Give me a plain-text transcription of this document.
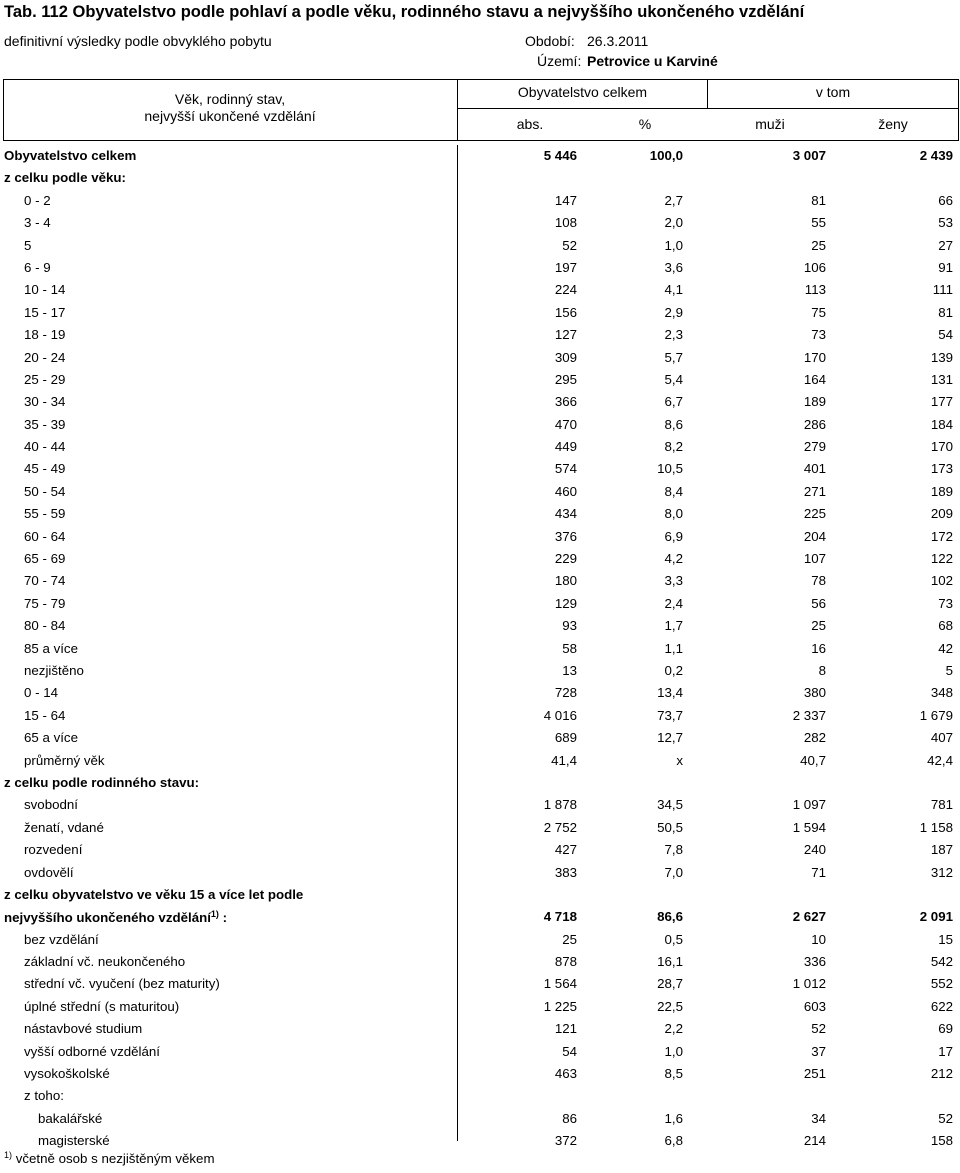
Tab. 112 Obyvatelstvo podle pohlaví a podle věku, rodinného stavu a nejvyššího ukončeného vzdělání
definitivní výsledky podle obvyklého pobytu	Období: 26.3.2011
Území: Petrovice u Karviné
Věk, rodinný stav,
nejvyšší ukončené vzdělání
Obyvatelstvo celkem	v tom
abs.	%	muži	ženy
Obyvatelstvo celkem	5 446	100,0	3 007	2 439
z celku podle věku:
0 - 2	147	2,7	81	66
3 - 4	108	2,0	55	53
5	52	1,0	25	27
6 - 9	197	3,6	106	91
10 - 14	224	4,1	113	111
15 - 17	156	2,9	75	81
18 - 19	127	2,3	73	54
20 - 24	309	5,7	170	139
25 - 29	295	5,4	164	131
30 - 34	366	6,7	189	177
35 - 39	470	8,6	286	184
40 - 44	449	8,2	279	170
45 - 49	574	10,5	401	173
50 - 54	460	8,4	271	189
55 - 59	434	8,0	225	209
60 - 64	376	6,9	204	172
65 - 69	229	4,2	107	122
70 - 74	180	3,3	78	102
75 - 79	129	2,4	56	73
80 - 84	93	1,7	25	68
85 a více	58	1,1	16	42
nezjištěno	13	0,2	8	5
0 - 14	728	13,4	380	348
15 - 64	4 016	73,7	2 337	1 679
65 a více	689	12,7	282	407
průměrný věk	41,4	x	40,7	42,4
z celku podle rodinného stavu:
svobodní	1 878	34,5	1 097	781
ženatí, vdané	2 752	50,5	1 594	1 158
rozvedení	427	7,8	240	187
ovdovělí	383	7,0	71	312
z celku obyvatelstvo ve věku 15 a více let podle
nejvyššího ukončeného vzdělání$^{1)}$ :	4 718	86,6	2 627	2 091
bez vzdělání	25	0,5	10	15
základní vč. neukončeného	878	16,1	336	542
střední vč. vyučení (bez maturity)	1 564	28,7	1 012	552
úplné střední (s maturitou)	1 225	22,5	603	622
nástavbové studium	121	2,2	52	69
vyšší odborné vzdělání	54	1,0	37	17
vysokoškolské	463	8,5	251	212
z toho:
bakalářské	86	1,6	34	52
magisterské	372	6,8	214	158
$^{1)}$ včetně osob s nezjištěným věkem
